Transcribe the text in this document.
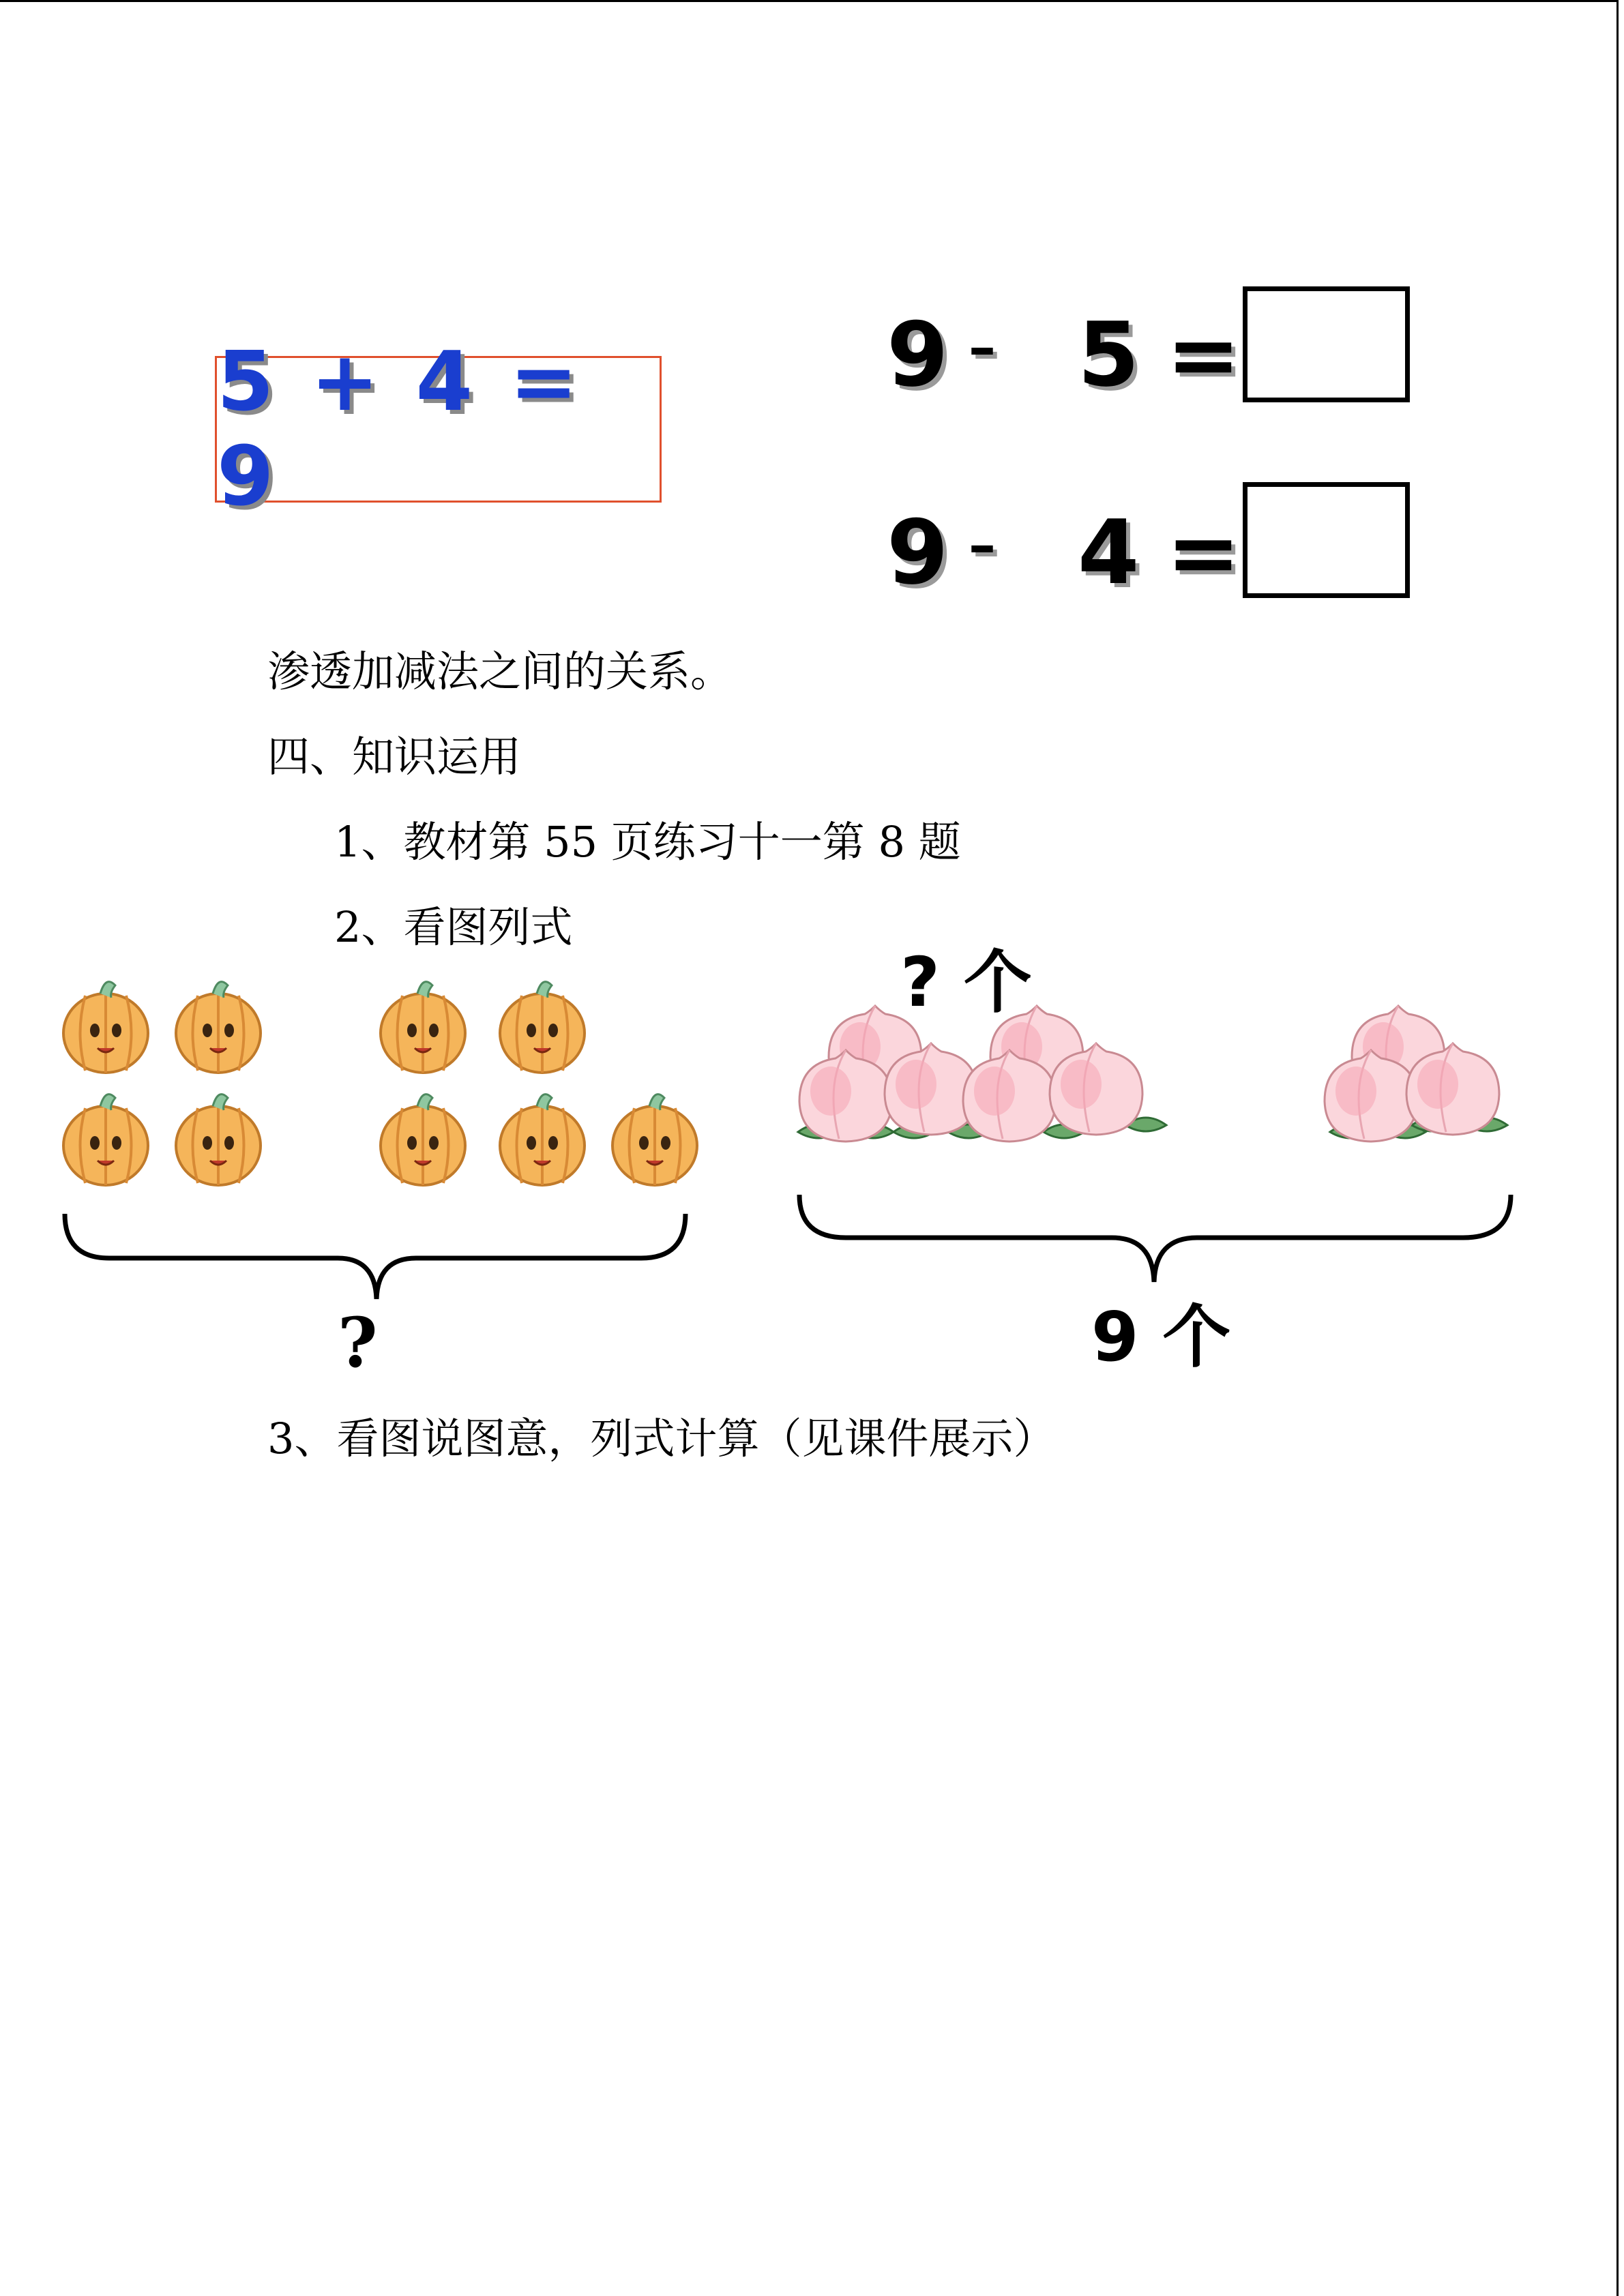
5 + 4 = 9
9 – 5 =
9 – 4 =
渗透加减法之间的关系。
四、知识运用
1、教材第 55 页练习十一第 8 题
2、看图列式
3、看图说图意，列式计算（见课件展示）
?
? 个
9 个
